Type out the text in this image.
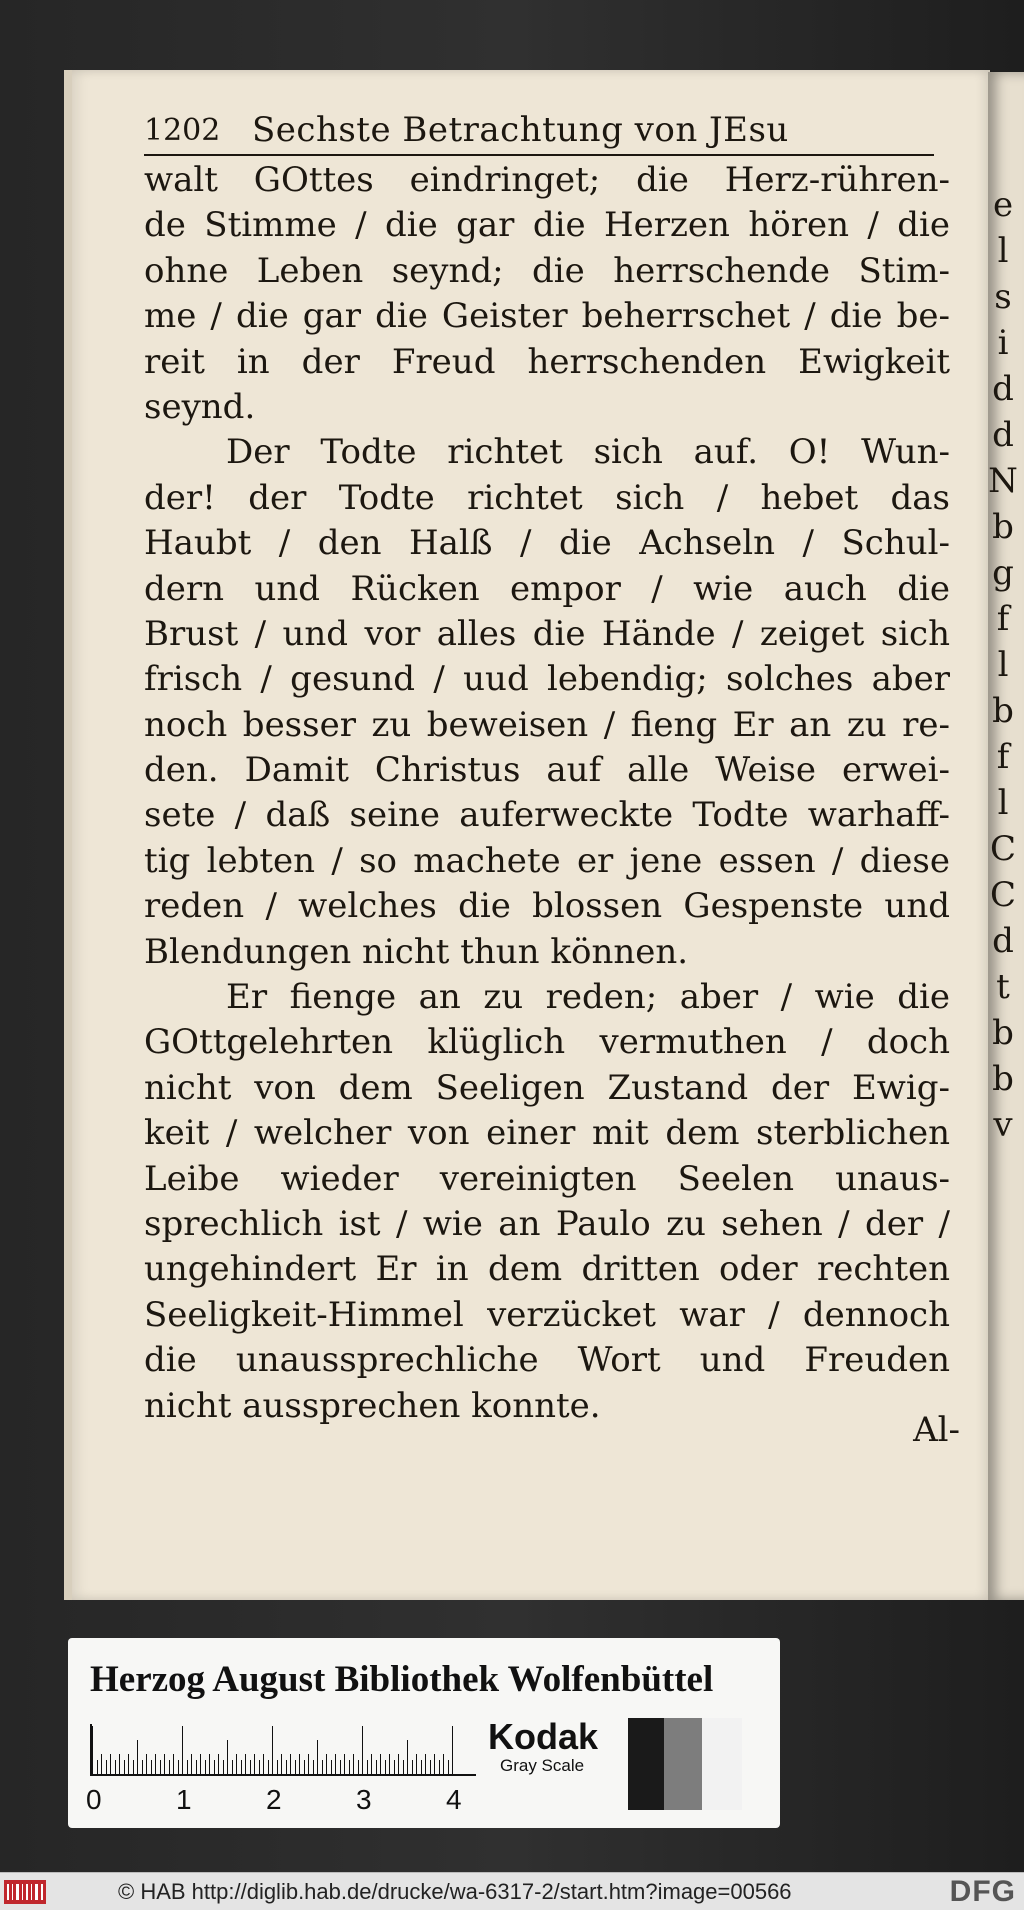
e
l
s
i
d
d
N
b
g
f
l
b
f
l
C
C
d
t
b
b
v
1202 Sechste Betrachtung von JEsu
walt GOttes eindringet; die Herz-rühren-
de Stimme / die gar die Herzen hören / die
ohne Leben seynd; die herrschende Stim-
me / die gar die Geister beherrschet / die be-
reit in der Freud herrschenden Ewigkeit
seynd.
Der Todte richtet sich auf. O! Wun-
der! der Todte richtet sich / hebet das
Haubt / den Halß / die Achseln / Schul-
dern und Rücken empor / wie auch die
Brust / und vor alles die Hände / zeiget sich
frisch / gesund / uud lebendig; solches aber
noch besser zu beweisen / fieng Er an zu re-
den. Damit Christus auf alle Weise erwei-
sete / daß seine auferweckte Todte warhaff-
tig lebten / so machete er jene essen / diese
reden / welches die blossen Gespenste und
Blendungen nicht thun können.
Er fienge an zu reden; aber / wie die
GOttgelehrten klüglich vermuthen / doch
nicht von dem Seeligen Zustand der Ewig-
keit / welcher von einer mit dem sterblichen
Leibe wieder vereinigten Seelen unaus-
sprechlich ist / wie an Paulo zu sehen / der /
ungehindert Er in dem dritten oder rechten
Seeligkeit-Himmel verzücket war / dennoch
die unaussprechliche Wort und Freuden
nicht aussprechen konnte.
Al-
Herzog August Bibliothek Wolfenbüttel
0	1	2	3	4
Kodak
Gray Scale
© HAB http://diglib.hab.de/drucke/wa-6317-2/start.htm?image=00566	DFG
